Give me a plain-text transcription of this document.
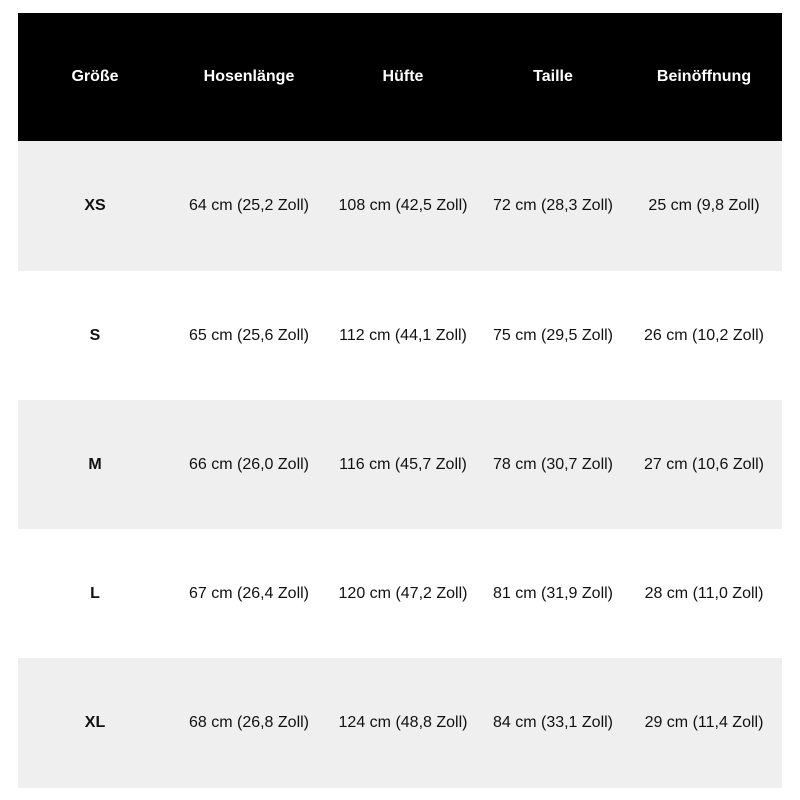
Größe	Hosenlänge	Hüfte	Taille	Beinöffnung
XS	64 cm (25,2 Zoll)	108 cm (42,5 Zoll)	72 cm (28,3 Zoll)	25 cm (9,8 Zoll)
S	65 cm (25,6 Zoll)	112 cm (44,1 Zoll)	75 cm (29,5 Zoll)	26 cm (10,2 Zoll)
M	66 cm (26,0 Zoll)	116 cm (45,7 Zoll)	78 cm (30,7 Zoll)	27 cm (10,6 Zoll)
L	67 cm (26,4 Zoll)	120 cm (47,2 Zoll)	81 cm (31,9 Zoll)	28 cm (11,0 Zoll)
XL	68 cm (26,8 Zoll)	124 cm (48,8 Zoll)	84 cm (33,1 Zoll)	29 cm (11,4 Zoll)
